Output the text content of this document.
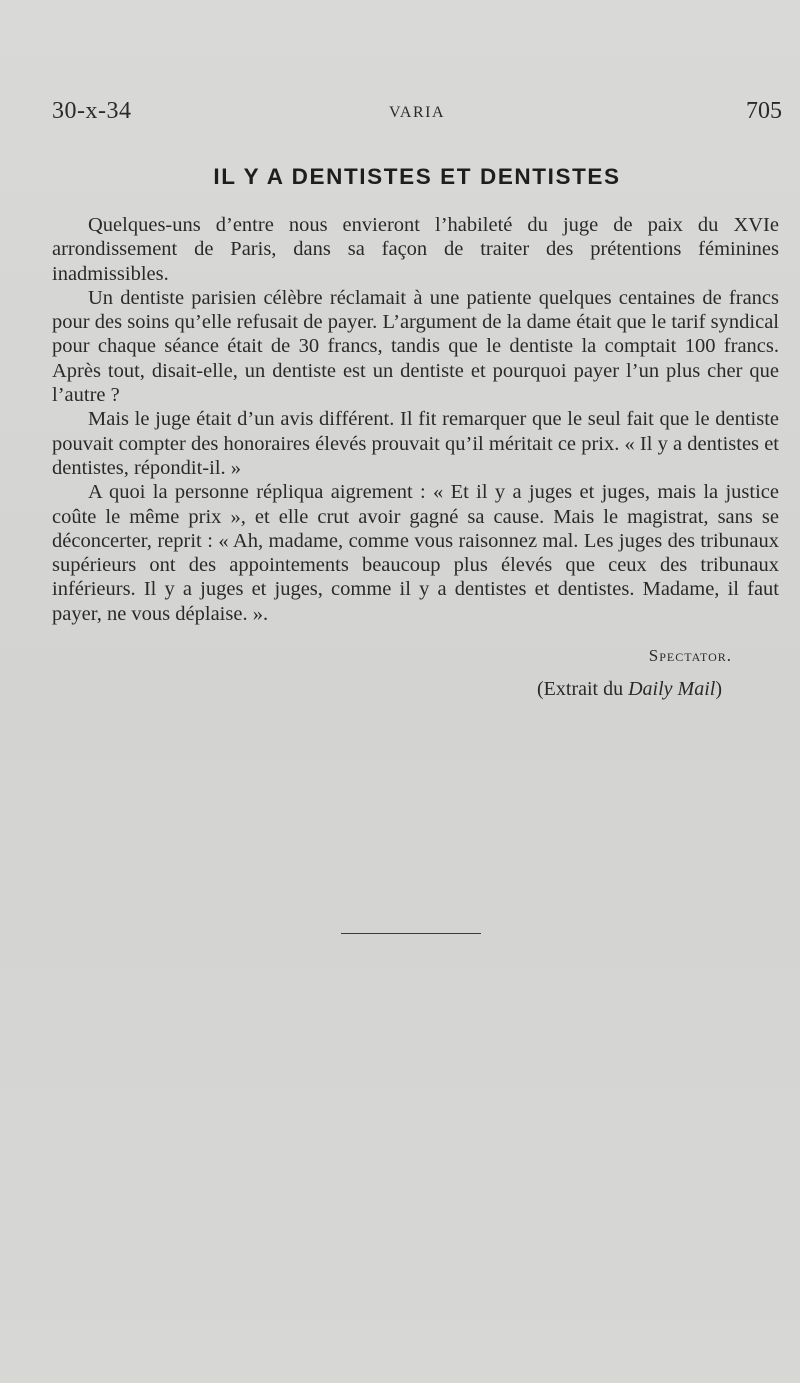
30-x-34	VARIA	705
IL Y A DENTISTES ET DENTISTES

Quelques-uns d’entre nous envieront l’habileté du juge de paix du XVIe arrondissement de Paris, dans sa façon de traiter des prétentions féminines inadmissibles.

Un dentiste parisien célèbre réclamait à une patiente quelques centaines de francs pour des soins qu’elle refusait de payer. L’argument de la dame était que le tarif syndical pour chaque séance était de 30 francs, tandis que le dentiste la comptait 100 francs. Après tout, disait-elle, un dentiste est un dentiste et pourquoi payer l’un plus cher que l’autre ?

Mais le juge était d’un avis différent. Il fit remarquer que le seul fait que le dentiste pouvait compter des honoraires élevés prouvait qu’il méritait ce prix. « Il y a dentistes et dentistes, répondit-il. »

A quoi la personne répliqua aigrement : « Et il y a juges et juges, mais la justice coûte le même prix », et elle crut avoir gagné sa cause. Mais le magistrat, sans se déconcerter, reprit : « Ah, madame, comme vous raisonnez mal. Les juges des tribunaux supérieurs ont des appointements beaucoup plus élevés que ceux des tribunaux inférieurs. Il y a juges et juges, comme il y a dentistes et dentistes. Madame, il faut payer, ne vous déplaise. ».

Spectator.
(Extrait du Daily Mail)
